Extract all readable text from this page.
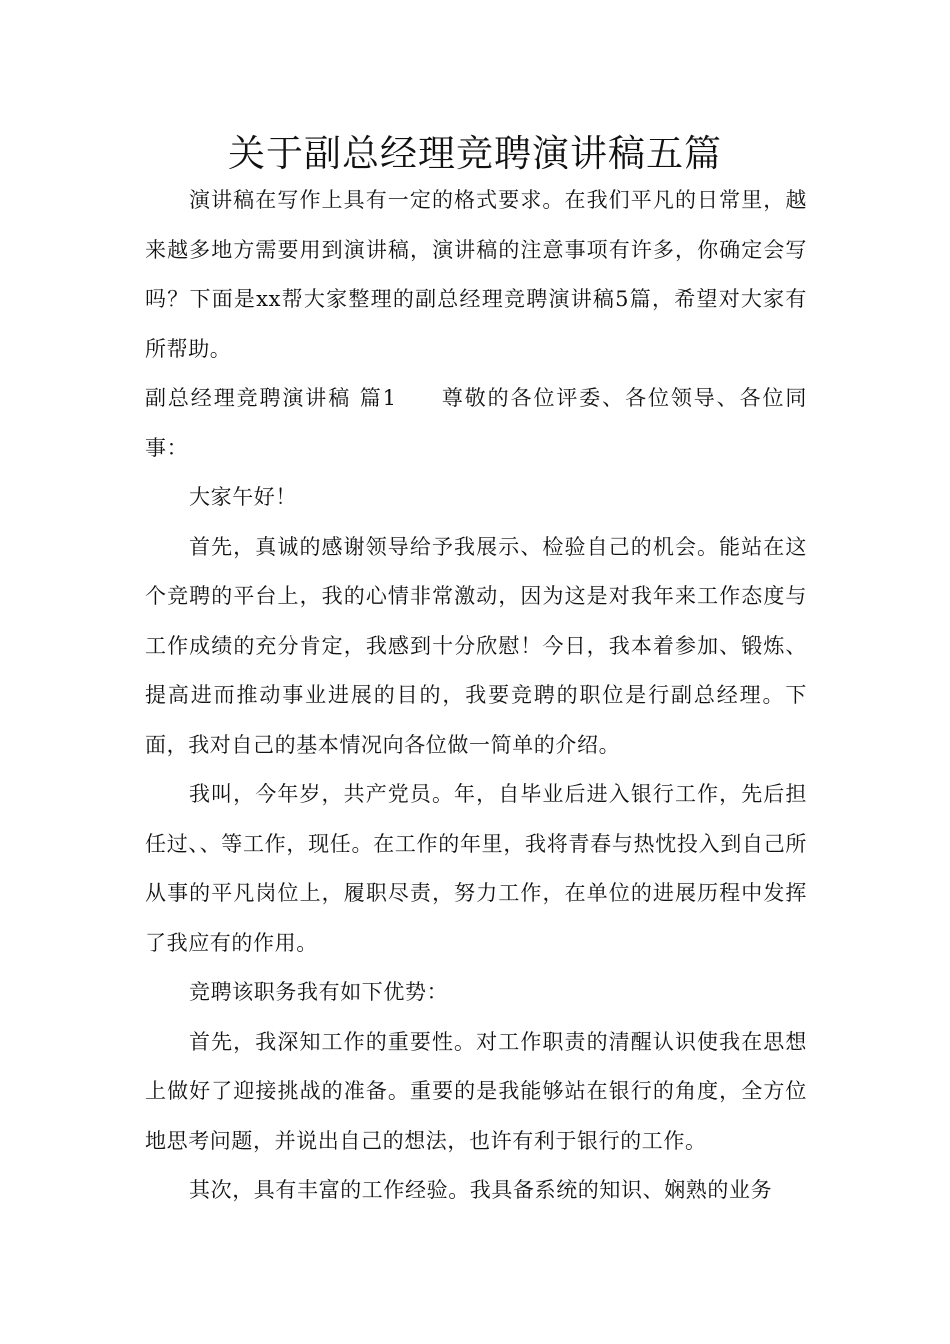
关于副总经理竞聘演讲稿五篇

演讲稿在写作上具有一定的格式要求。在我们平凡的日常里，越来越多地方需要用到演讲稿，演讲稿的注意事项有许多，你确定会写吗？下面是xx帮大家整理的副总经理竞聘演讲稿5篇，希望对大家有所帮助。

副总经理竞聘演讲稿 篇1 尊敬的各位评委、各位领导、各位同事：

大家午好！

首先，真诚的感谢领导给予我展示、检验自己的机会。能站在这个竞聘的平台上，我的心情非常激动，因为这是对我年来工作态度与工作成绩的充分肯定，我感到十分欣慰！今日，我本着参加、锻炼、提高进而推动事业进展的目的，我要竞聘的职位是行副总经理。下面，我对自己的基本情况向各位做一简单的介绍。

我叫，今年岁，共产党员。年，自毕业后进入银行工作，先后担任过、、等工作，现任。在工作的年里，我将青春与热忱投入到自己所从事的平凡岗位上，履职尽责，努力工作，在单位的进展历程中发挥了我应有的作用。

竞聘该职务我有如下优势：

首先，我深知工作的重要性。对工作职责的清醒认识使我在思想上做好了迎接挑战的准备。重要的是我能够站在银行的角度，全方位地思考问题，并说出自己的想法，也许有利于银行的工作。

其次，具有丰富的工作经验。我具备系统的知识、娴熟的业务
